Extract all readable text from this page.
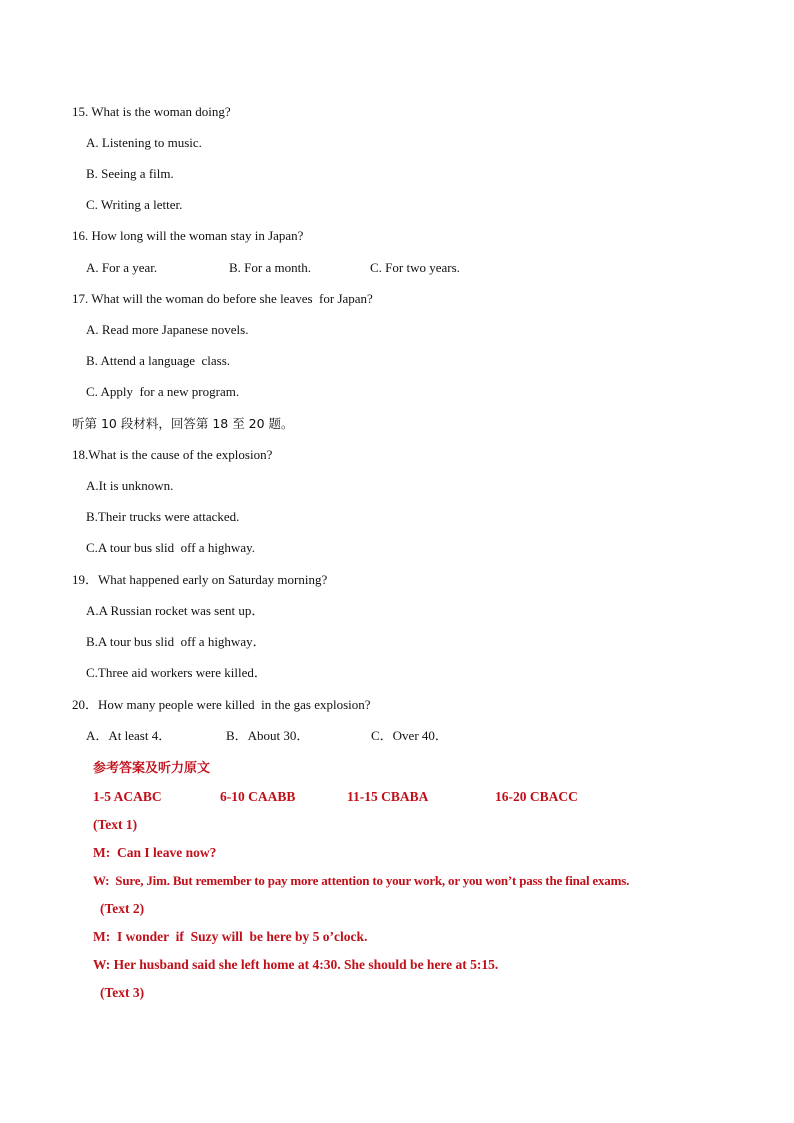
15. What is the woman doing?
A. Listening to music.
B. Seeing a film.
C. Writing a letter.
16. How long will the woman stay in Japan?
A. For a year.	B. For a month.	C. For two years.
17. What will the woman do before she leaves  for Japan?
A. Read more Japanese novels.
B. Attend a language  class.
C. Apply  for a new program.
听第 10 段材料，回答第 18 至 20 题。
18.What is the cause of the explosion?
A.It is unknown.
B.Their trucks were attacked.
C.A tour bus slid  off a highway.
19．What happened early on Saturday morning?
A.A Russian rocket was sent up．
B.A tour bus slid  off a highway．
C.Three aid workers were killed．
20．How many people were killed  in the gas explosion?
A．At least 4．	B．About 30．	C．Over 40．
参考答案及听力原文
1-5 ACABC	6-10 CAABB	11-15 CBABA	16-20 CBACC
(Text 1)
M:  Can I leave now?
W:  Sure, Jim. But remember to pay more attention to your work, or you won’t pass the final exams.
(Text 2)
M:  I wonder  if  Suzy will  be here by 5 o’clock.
W: Her husband said she left home at 4:30. She should be here at 5:15.
(Text 3)
